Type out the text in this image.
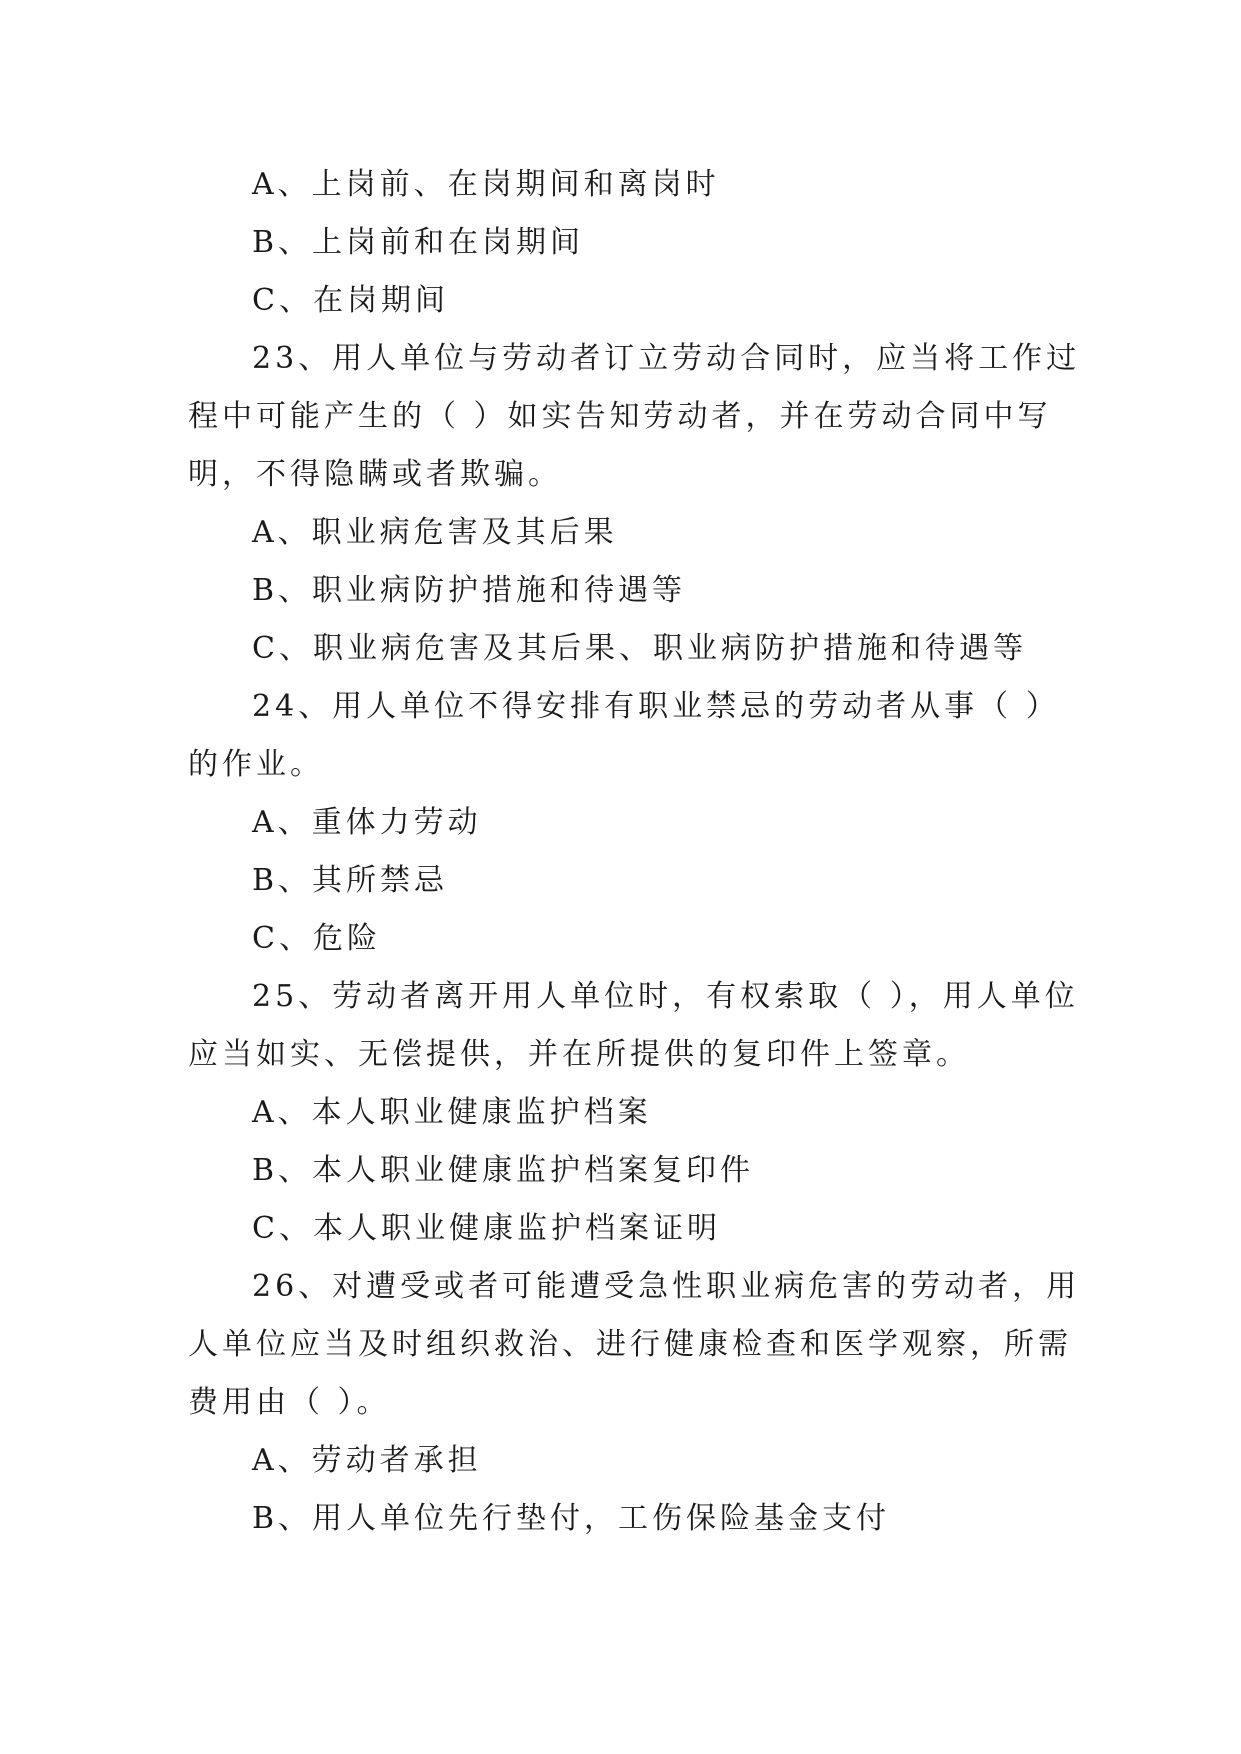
A、上岗前、在岗期间和离岗时
B、上岗前和在岗期间
C、在岗期间
23、用人单位与劳动者订立劳动合同时，应当将工作过
程中可能产生的（ ）如实告知劳动者，并在劳动合同中写
明，不得隐瞒或者欺骗。
A、职业病危害及其后果
B、职业病防护措施和待遇等
C、职业病危害及其后果、职业病防护措施和待遇等
24、用人单位不得安排有职业禁忌的劳动者从事（ ）
的作业。
A、重体力劳动
B、其所禁忌
C、危险
25、劳动者离开用人单位时，有权索取（ ），用人单位
应当如实、无偿提供，并在所提供的复印件上签章。
A、本人职业健康监护档案
B、本人职业健康监护档案复印件
C、本人职业健康监护档案证明
26、对遭受或者可能遭受急性职业病危害的劳动者，用
人单位应当及时组织救治、进行健康检查和医学观察，所需
费用由（ ）。
A、劳动者承担
B、用人单位先行垫付，工伤保险基金支付
